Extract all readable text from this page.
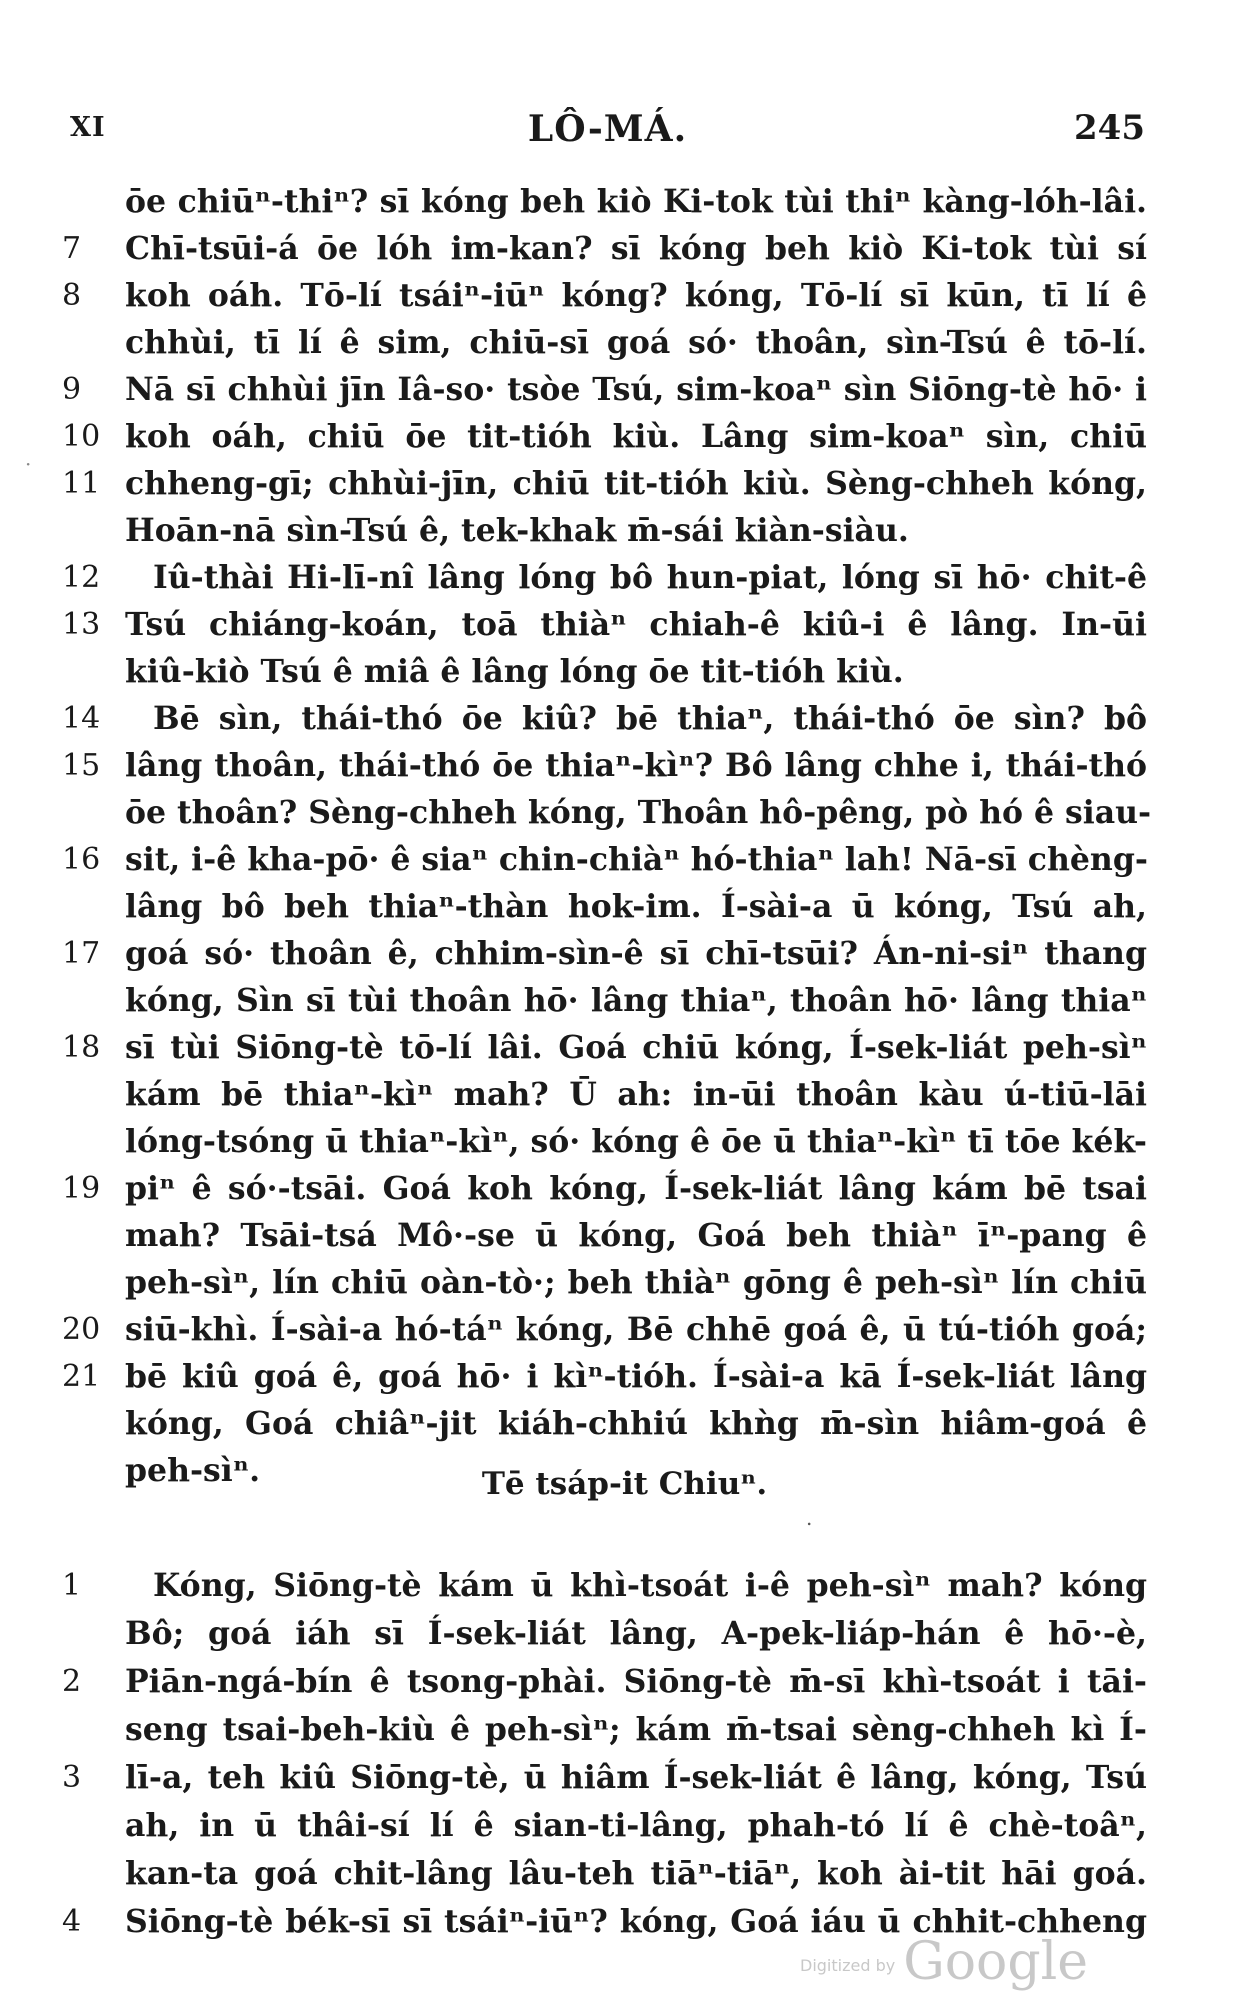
XI	LÔ-MÁ.	245
·
ōe chiūⁿ-thiⁿ? sī kóng beh kiò Ki-tok tùi thiⁿ kàng-lóh-lâi.
7	Chī-tsūi-á ōe lóh im-kan? sī kóng beh kiò Ki-tok tùi sí
8	koh oáh. Tō-lí tsáiⁿ-iūⁿ kóng? kóng, Tō-lí sī kūn, tī lí ê
chhùi, tī lí ê sim, chiū-sī goá só· thoân, sìn-Tsú ê tō-lí.
9	Nā sī chhùi jīn Iâ-so· tsòe Tsú, sim-koaⁿ sìn Siōng-tè hō· i
10 koh oáh, chiū ōe tit-tióh kiù. Lâng sim-koaⁿ sìn, chiū
11 chheng-gī; chhùi-jīn, chiū tit-tióh kiù. Sèng-chheh kóng,
Hoān-nā sìn-Tsú ê, tek-khak m̄-sái kiàn-siàu.
12	Iû-thài Hi-lī-nî lâng lóng bô hun-piat, lóng sī hō· chit-ê
13 Tsú chiáng-koán, toā thiàⁿ chiah-ê kiû-i ê lâng. In-ūi
kiû-kiò Tsú ê miâ ê lâng lóng ōe tit-tióh kiù.
14	Bē sìn, thái-thó ōe kiû? bē thiaⁿ, thái-thó ōe sìn? bô
15 lâng thoân, thái-thó ōe thiaⁿ-kìⁿ? Bô lâng chhe i, thái-thó
ōe thoân? Sèng-chheh kóng, Thoân hô-pêng, pò hó ê siau-
16 sit, i-ê kha-pō· ê siaⁿ chin-chiàⁿ hó-thiaⁿ lah! Nā-sī chèng-
lâng bô beh thiaⁿ-thàn hok-im. Í-sài-a ū kóng, Tsú ah,
17 goá só· thoân ê, chhim-sìn-ê sī chī-tsūi? Án-ni-siⁿ thang
kóng, Sìn sī tùi thoân hō· lâng thiaⁿ, thoân hō· lâng thiaⁿ
18 sī tùi Siōng-tè tō-lí lâi. Goá chiū kóng, Í-sek-liát peh-sìⁿ
kám bē thiaⁿ-kìⁿ mah? Ū ah: in-ūi thoân kàu ú-tiū-lāi
lóng-tsóng ū thiaⁿ-kìⁿ, só· kóng ê ōe ū thiaⁿ-kìⁿ tī tōe kék-
19 piⁿ ê só·-tsāi. Goá koh kóng, Í-sek-liát lâng kám bē tsai
mah? Tsāi-tsá Mô·-se ū kóng, Goá beh thiàⁿ īⁿ-pang ê
peh-sìⁿ, lín chiū oàn-tò·; beh thiàⁿ gōng ê peh-sìⁿ lín chiū
20 siū-khì. Í-sài-a hó-táⁿ kóng, Bē chhē goá ê, ū tú-tióh goá;
21 bē kiû goá ê, goá hō· i kìⁿ-tióh. Í-sài-a kā Í-sek-liát lâng
kóng, Goá chiâⁿ-jit kiáh-chhiú khǹg m̄-sìn hiâm-goá ê
peh-sìⁿ.	Tē tsáp-it Chiuⁿ.
.
1	Kóng, Siōng-tè kám ū khì-tsoát i-ê peh-sìⁿ mah? kóng
Bô; goá iáh sī Í-sek-liát lâng, A-pek-liáp-hán ê hō·-è,
2	Piān-ngá-bín ê tsong-phài. Siōng-tè m̄-sī khì-tsoát i tāi-
seng tsai-beh-kiù ê peh-sìⁿ; kám m̄-tsai sèng-chheh kì Í-
3	lī-a, teh kiû Siōng-tè, ū hiâm Í-sek-liát ê lâng, kóng, Tsú
ah, in ū thâi-sí lí ê sian-ti-lâng, phah-tó lí ê chè-toâⁿ,
kan-ta goá chit-lâng lâu-teh tiāⁿ-tiāⁿ, koh ài-tit hāi goá.
4	Siōng-tè bék-sī sī tsáiⁿ-iūⁿ? kóng, Goá iáu ū chhit-chheng
Digitized by Google
